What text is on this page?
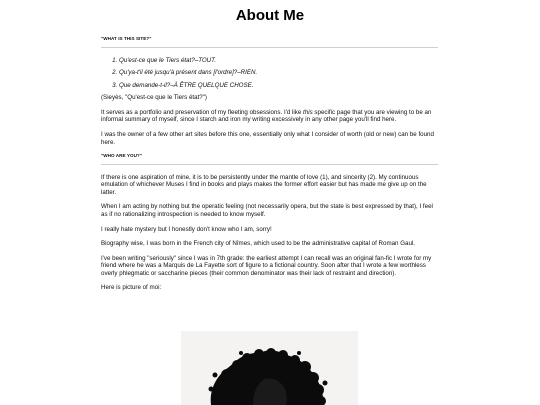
About Me
"WHAT IS THIS SITE?"
1. Qu'est-ce que le Tiers état?–TOUT.
2. Qu'ya-t'il été jusqu'à présent dans [l'ordre]?–RIEN.
3. Que demande-t-il?–À ÊTRE QUELQUE CHOSE.

(Sieyès, "Qu'est-ce que le Tiers état?")

It serves as a portfolio and preservation of my fleeting obsessions. I'd like this specific page that you are viewing to be an informal summary of myself, since I starch and iron my writing excessively in any other page you'll find here.

I was the owner of a few other art sites before this one, essentially only what I consider of worth (old or new) can be found here.

"WHO ARE YOU?"

If there is one aspiration of mine, it is to be persistently under the mantle of love (1), and sincerity (2). My continuous emulation of whichever Muses I find in books and plays makes the former effort easier but has made me give up on the latter.

When I am acting by nothing but the operatic feeling (not necessarily opera, but the state is best expressed by that), I feel as if no rationalizing introspection is needed to know myself.

I really hate mystery but I honestly don't know who I am, sorry!

Biography wise, I was born in the French city of Nîmes, which used to be the administrative capital of Roman Gaul.

I've been writing "seriously" since I was in 7th grade: the earliest attempt I can recall was an original fan-fic I wrote for my friend where he was a Marquis de La Fayette sort of figure to a fictional country. Soon after that I wrote a few worthless overly phlegmatic or saccharine pieces (their common denominator was their lack of restraint and direction).

Here is picture of moi:
